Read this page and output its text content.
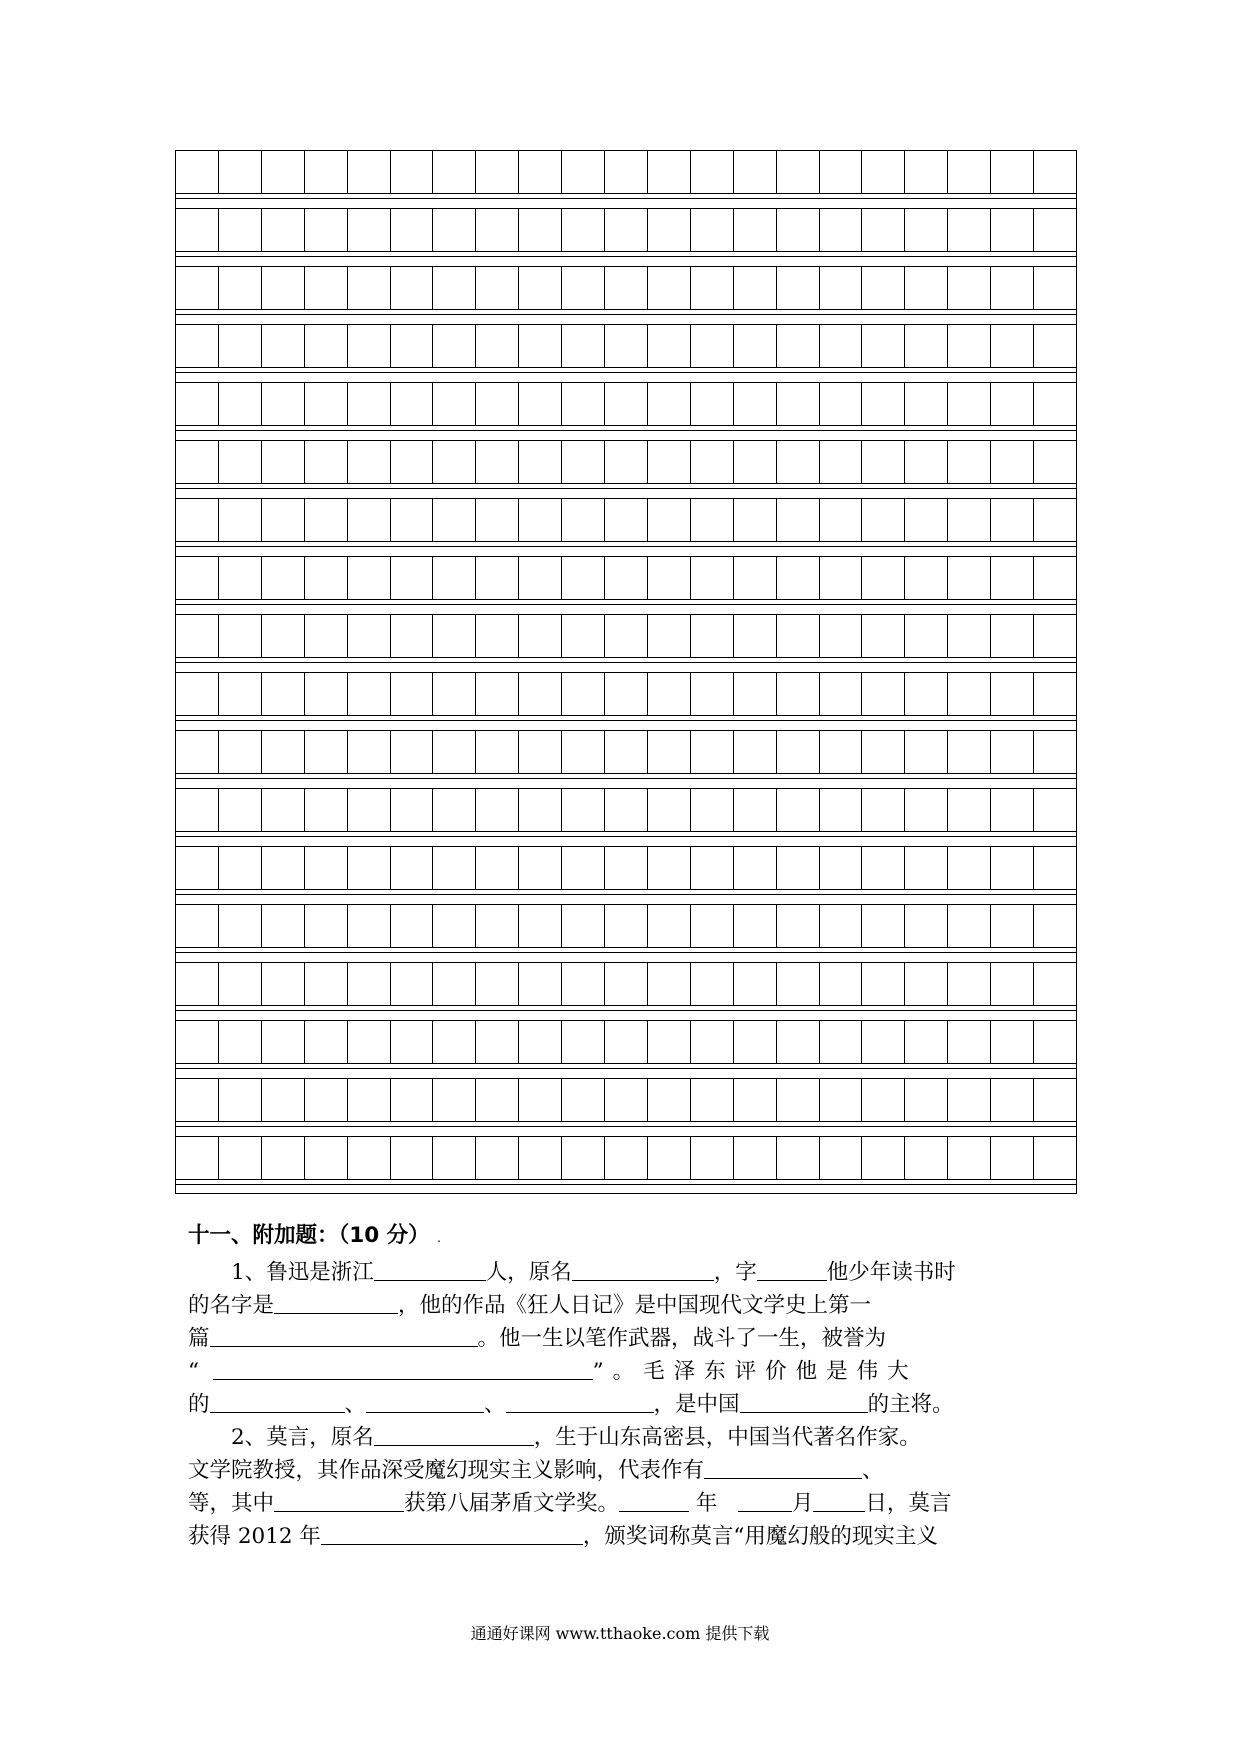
十一、附加题：（10 分） .
1、鲁迅是浙江	人，原名	，字	他少年读书时
的名字是	，他的作品《狂人日记》是中国现代文学史上第一
篇	。他一生以笔作武器，战斗了一生，被誉为
“	”。毛泽东评价他是伟大
的	、	、	，是中国	的主将。
2、莫言，原名	，生于山东高密县，中国当代著名作家。
文学院教授，其作品深受魔幻现实主义影响，代表作有	、
等，其中	获第八届茅盾文学奖。	年	月 日，莫言
获得 2012 年	，颁奖词称莫言“用魔幻般的现实主义
通通好课网 www.tthaoke.com 提供下载
